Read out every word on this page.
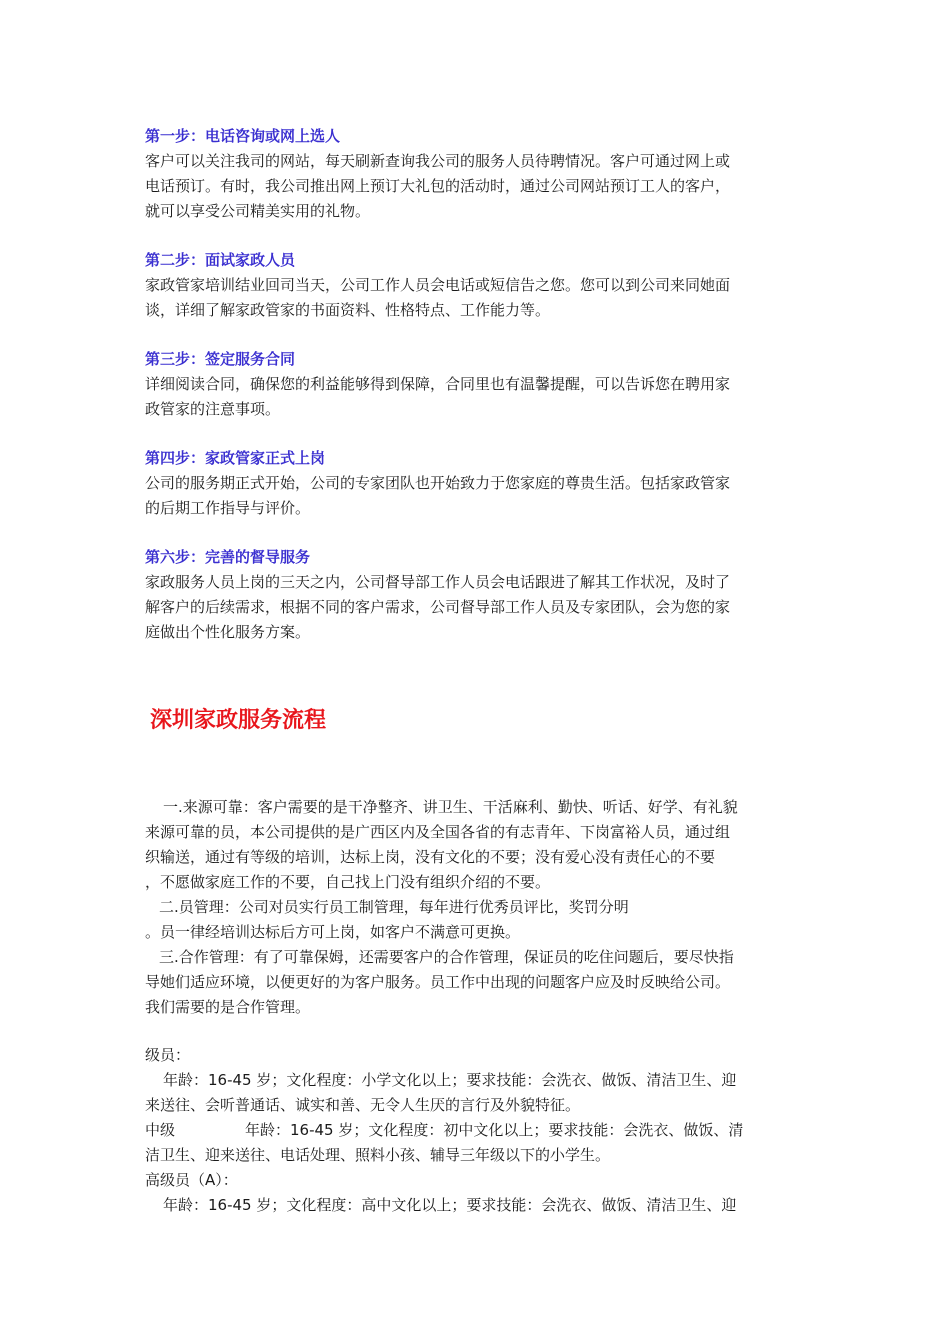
第一步：电话咨询或网上选人
客户可以关注我司的网站，每天刷新查询我公司的服务人员待聘情况。客户可通过网上或
电话预订。有时，我公司推出网上预订大礼包的活动时，通过公司网站预订工人的客户，
就可以享受公司精美实用的礼物。
第二步：面试家政人员
家政管家培训结业回司当天，公司工作人员会电话或短信告之您。您可以到公司来同她面
谈，详细了解家政管家的书面资料、性格特点、工作能力等。
第三步：签定服务合同
详细阅读合同，确保您的利益能够得到保障，合同里也有温馨提醒，可以告诉您在聘用家
政管家的注意事项。
第四步：家政管家正式上岗
公司的服务期正式开始，公司的专家团队也开始致力于您家庭的尊贵生活。包括家政管家
的后期工作指导与评价。
第六步：完善的督导服务
家政服务人员上岗的三天之内，公司督导部工作人员会电话跟进了解其工作状况，及时了
解客户的后续需求，根据不同的客户需求，公司督导部工作人员及专家团队，会为您的家
庭做出个性化服务方案。
深圳家政服务流程
一.来源可靠：客户需要的是干净整齐、讲卫生、干活麻利、勤快、听话、好学、有礼貌
来源可靠的员，本公司提供的是广西区内及全国各省的有志青年、下岗富裕人员，通过组
织输送，通过有等级的培训，达标上岗，没有文化的不要；没有爱心没有责任心的不要
，不愿做家庭工作的不要，自己找上门没有组织介绍的不要。
二.员管理：公司对员实行员工制管理，每年进行优秀员评比，奖罚分明
。员一律经培训达标后方可上岗，如客户不满意可更换。
三.合作管理：有了可靠保姆，还需要客户的合作管理，保证员的吃住问题后，要尽快指
导她们适应环境，以便更好的为客户服务。员工作中出现的问题客户应及时反映给公司。
我们需要的是合作管理。
级员：
年龄：16-45 岁；文化程度：小学文化以上；要求技能：会洗衣、做饭、清洁卫生、迎
来送往、会听普通话、诚实和善、无令人生厌的言行及外貌特征。
中级	年龄：16-45 岁；文化程度：初中文化以上；要求技能：会洗衣、做饭、清
洁卫生、迎来送往、电话处理、照料小孩、辅导三年级以下的小学生。
高级员（A）：
年龄：16-45 岁；文化程度：高中文化以上；要求技能：会洗衣、做饭、清洁卫生、迎
